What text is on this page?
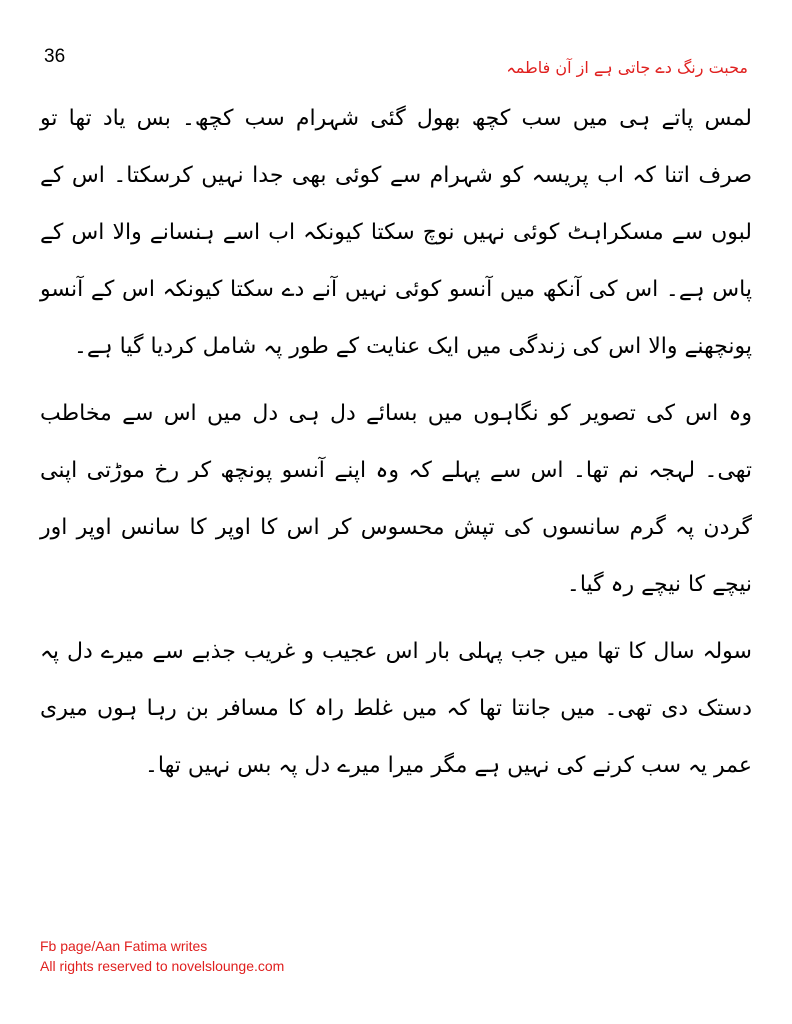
36
محبت رنگ دے جاتی ہے از آن فاطمہ

لمس پاتے ہی میں سب کچھ بھول گئی شہرام سب کچھ۔ بس یاد تھا تو صرف اتنا کہ اب پریسہ کو شہرام سے کوئی بھی جدا نہیں کرسکتا۔ اس کے لبوں سے مسکراہٹ کوئی نہیں نوچ سکتا کیونکہ اب اسے ہنسانے والا اس کے پاس ہے۔ اس کی آنکھ میں آنسو کوئی نہیں آنے دے سکتا کیونکہ اس کے آنسو پونچھنے والا اس کی زندگی میں ایک عنایت کے طور پہ شامل کردیا گیا ہے۔

وہ اس کی تصویر کو نگاہوں میں بسائے دل ہی دل میں اس سے مخاطب تھی۔ لہجہ نم تھا۔ اس سے پہلے کہ وہ اپنے آنسو پونچھ کر رخ موڑتی اپنی گردن پہ گرم سانسوں کی تپش محسوس کر اس کا اوپر کا سانس اوپر اور نیچے کا نیچے رہ گیا۔

سولہ سال کا تھا میں جب پہلی بار اس عجیب و غریب جذبے سے میرے دل پہ دستک دی تھی۔ میں جانتا تھا کہ میں غلط راہ کا مسافر بن رہا ہوں میری عمر یہ سب کرنے کی نہیں ہے مگر میرا میرے دل پہ بس نہیں تھا۔

Fb page/Aan Fatima writes
All rights reserved to novelslounge.com
